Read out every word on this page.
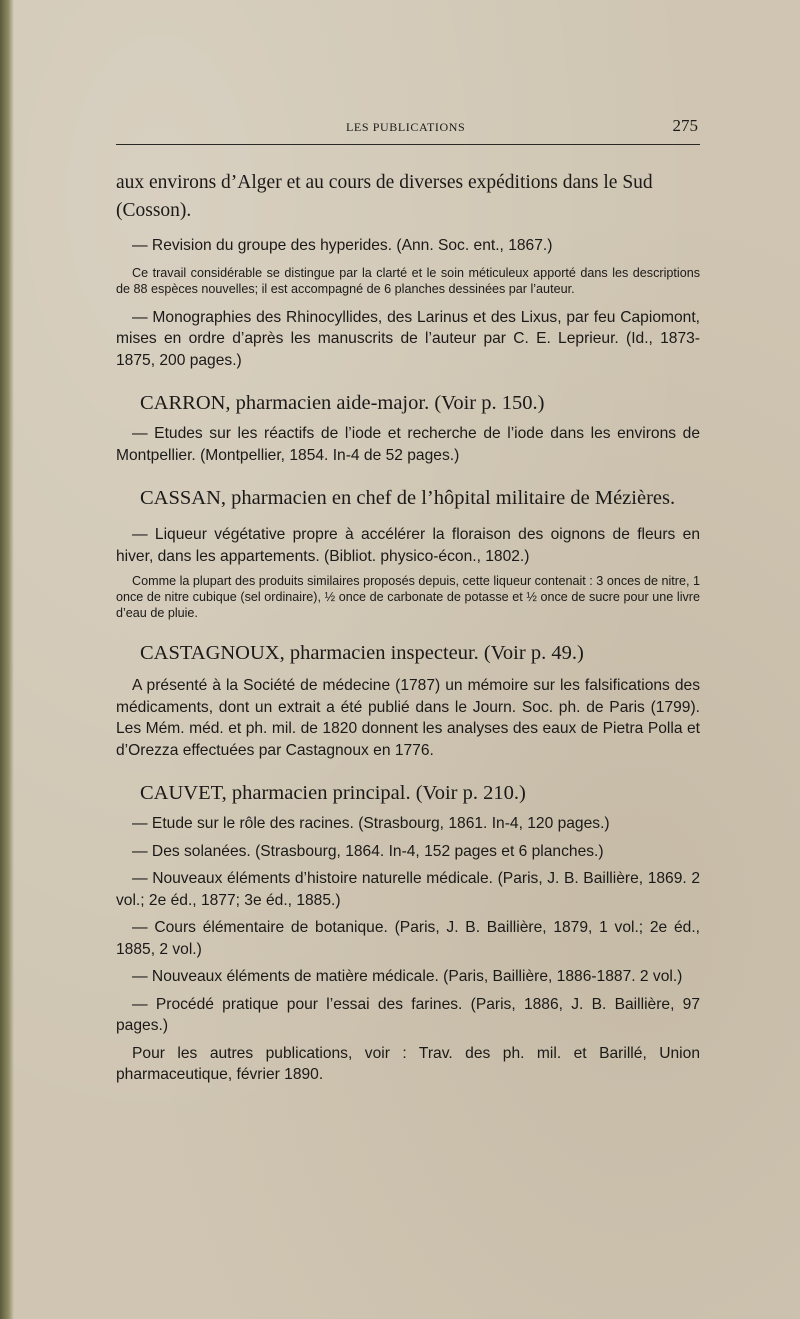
LES PUBLICATIONS	275

aux environs d’Alger et au cours de diverses expéditions dans le Sud (Cosson).

— Revision du groupe des hyperides. (Ann. Soc. ent., 1867.)

Ce travail considérable se distingue par la clarté et le soin méticuleux apporté dans les descriptions de 88 espèces nouvelles; il est accompagné de 6 planches dessinées par l’auteur.

— Monographies des Rhinocyllides, des Larinus et des Lixus, par feu Capiomont, mises en ordre d’après les manuscrits de l’auteur par C. E. Leprieur. (Id., 1873-1875, 200 pages.)

CARRON, pharmacien aide-major. (Voir p. 150.)

— Etudes sur les réactifs de l’iode et recherche de l’iode dans les environs de Montpellier. (Montpellier, 1854. In-4 de 52 pages.)

CASSAN, pharmacien en chef de l’hôpital militaire de Mézières.

— Liqueur végétative propre à accélérer la floraison des oignons de fleurs en hiver, dans les appartements. (Bibliot. physico-écon., 1802.)

Comme la plupart des produits similaires proposés depuis, cette liqueur contenait : 3 onces de nitre, 1 once de nitre cubique (sel ordinaire), ½ once de carbonate de potasse et ½ once de sucre pour une livre d’eau de pluie.

CASTAGNOUX, pharmacien inspecteur. (Voir p. 49.)

A présenté à la Société de médecine (1787) un mémoire sur les falsifications des médicaments, dont un extrait a été publié dans le Journ. Soc. ph. de Paris (1799). Les Mém. méd. et ph. mil. de 1820 donnent les analyses des eaux de Pietra Polla et d’Orezza effectuées par Castagnoux en 1776.

CAUVET, pharmacien principal. (Voir p. 210.)

— Etude sur le rôle des racines. (Strasbourg, 1861. In-4, 120 pages.)

— Des solanées. (Strasbourg, 1864. In-4, 152 pages et 6 planches.)

— Nouveaux éléments d’histoire naturelle médicale. (Paris, J. B. Baillière, 1869. 2 vol.; 2e éd., 1877; 3e éd., 1885.)

— Cours élémentaire de botanique. (Paris, J. B. Baillière, 1879, 1 vol.; 2e éd., 1885, 2 vol.)

— Nouveaux éléments de matière médicale. (Paris, Baillière, 1886-1887. 2 vol.)

— Procédé pratique pour l’essai des farines. (Paris, 1886, J. B. Baillière, 97 pages.)

Pour les autres publications, voir : Trav. des ph. mil. et Barillé, Union pharmaceutique, février 1890.
